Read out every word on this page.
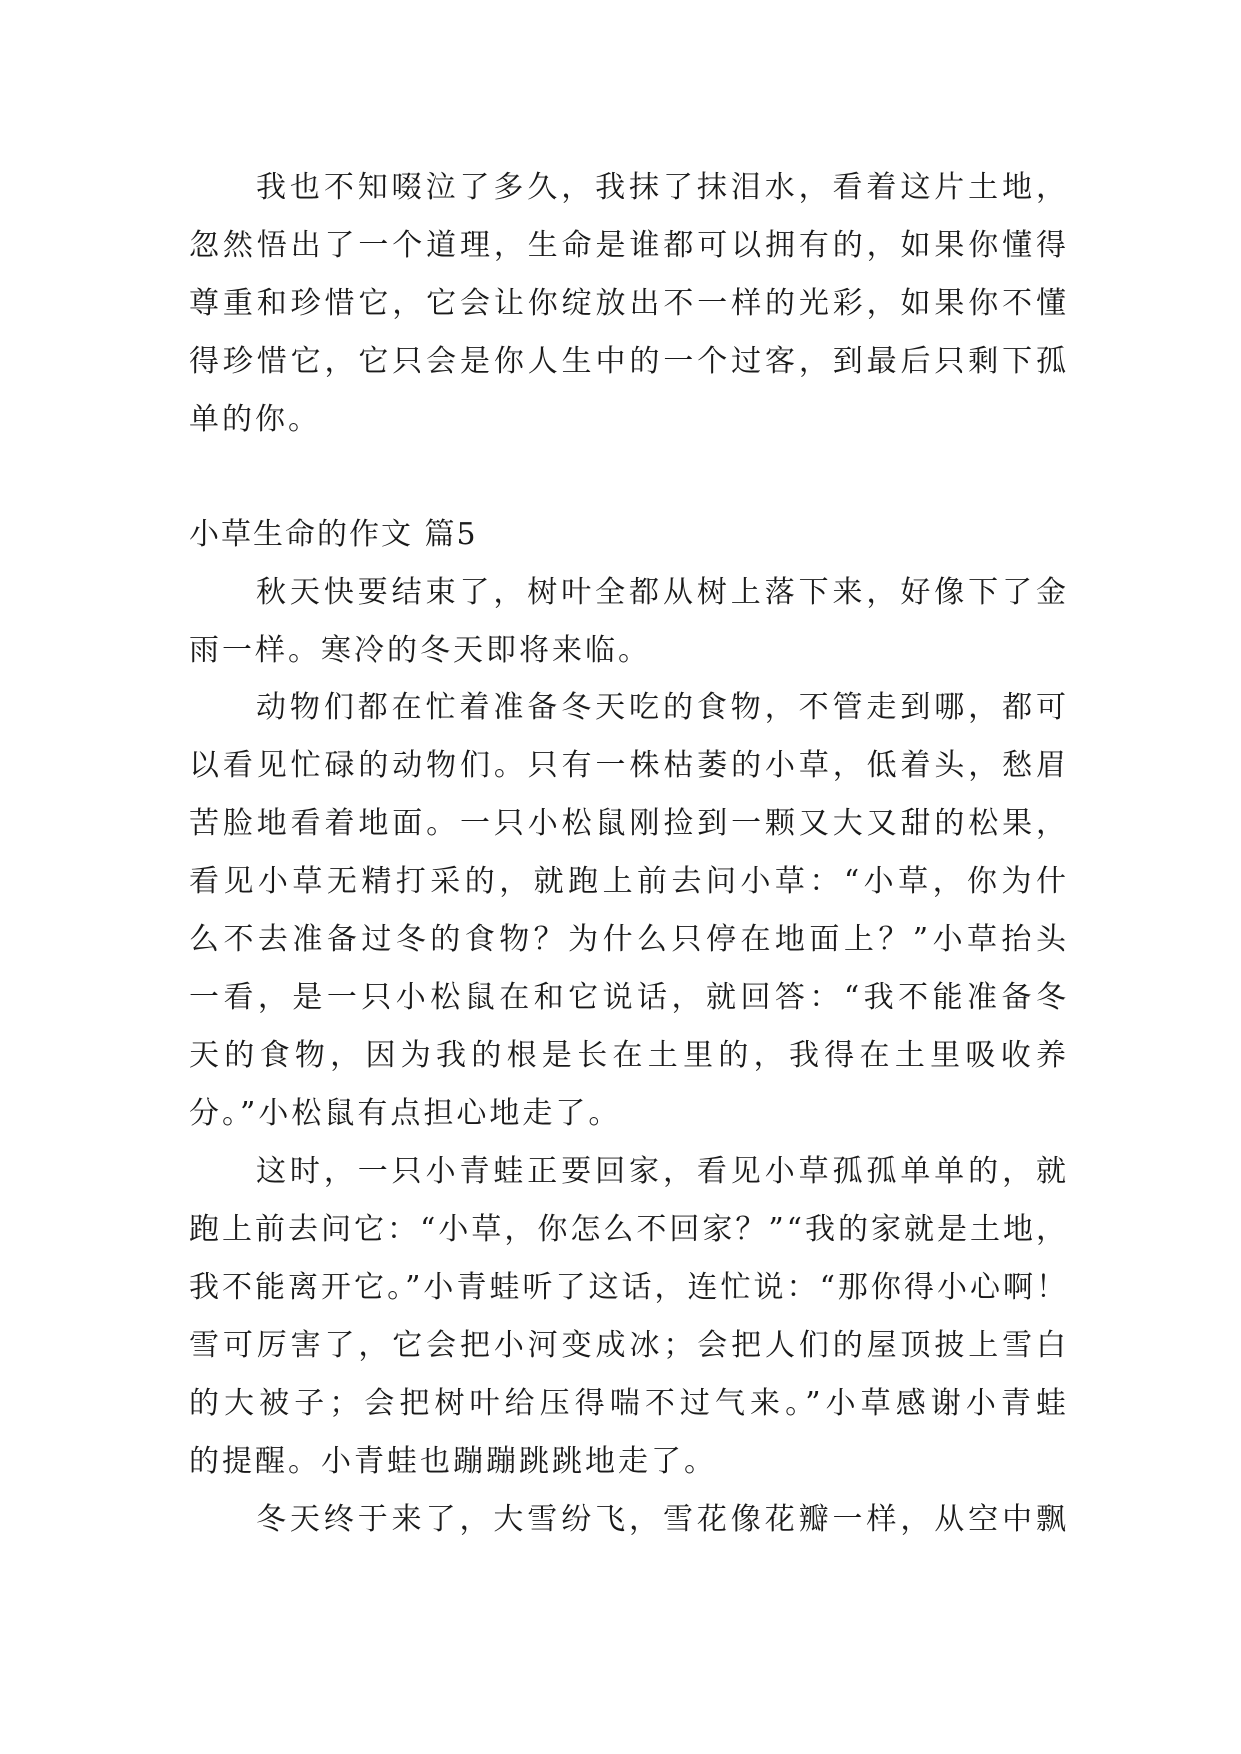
我也不知啜泣了多久，我抹了抹泪水，看着这片土地，
忽然悟出了一个道理，生命是谁都可以拥有的，如果你懂得
尊重和珍惜它，它会让你绽放出不一样的光彩，如果你不懂
得珍惜它，它只会是你人生中的一个过客，到最后只剩下孤
单的你。
小草生命的作文 篇5
秋天快要结束了，树叶全都从树上落下来，好像下了金
雨一样。寒冷的冬天即将来临。
动物们都在忙着准备冬天吃的食物，不管走到哪，都可
以看见忙碌的动物们。只有一株枯萎的小草，低着头，愁眉
苦脸地看着地面。一只小松鼠刚捡到一颗又大又甜的松果，
看见小草无精打采的，就跑上前去问小草：“小草，你为什
么不去准备过冬的食物？为什么只停在地面上？”小草抬头
一看，是一只小松鼠在和它说话，就回答：“我不能准备冬
天的食物，因为我的根是长在土里的，我得在土里吸收养
分。”小松鼠有点担心地走了。
这时，一只小青蛙正要回家，看见小草孤孤单单的，就
跑上前去问它：“小草，你怎么不回家？”“我的家就是土地，
我不能离开它。”小青蛙听了这话，连忙说：“那你得小心啊！
雪可厉害了，它会把小河变成冰；会把人们的屋顶披上雪白
的大被子；会把树叶给压得喘不过气来。”小草感谢小青蛙
的提醒。小青蛙也蹦蹦跳跳地走了。
冬天终于来了，大雪纷飞，雪花像花瓣一样，从空中飘
